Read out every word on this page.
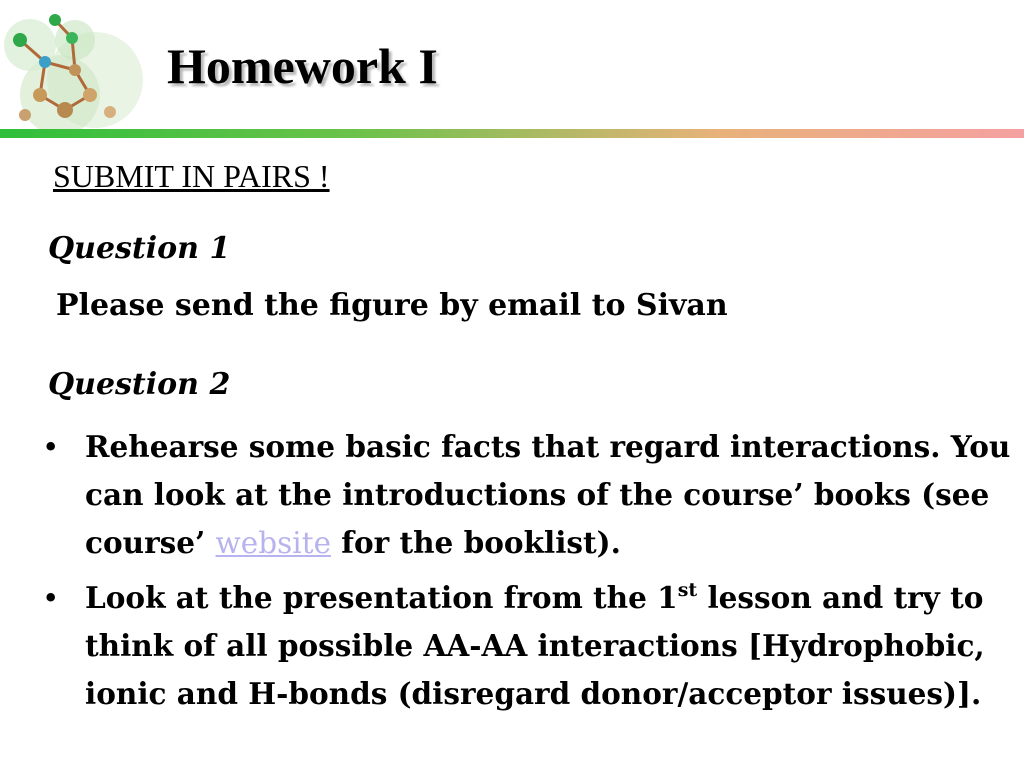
Homework I

SUBMIT IN PAIRS !

Question 1

Please send the figure by email to Sivan

Question 2

• Rehearse some basic facts that regard interactions. You can look at the introductions of the course’ books (see course’ website for the booklist).
• Look at the presentation from the 1st lesson and try to think of all possible AA-AA interactions [Hydrophobic, ionic and H-bonds (disregard donor/acceptor issues)].
